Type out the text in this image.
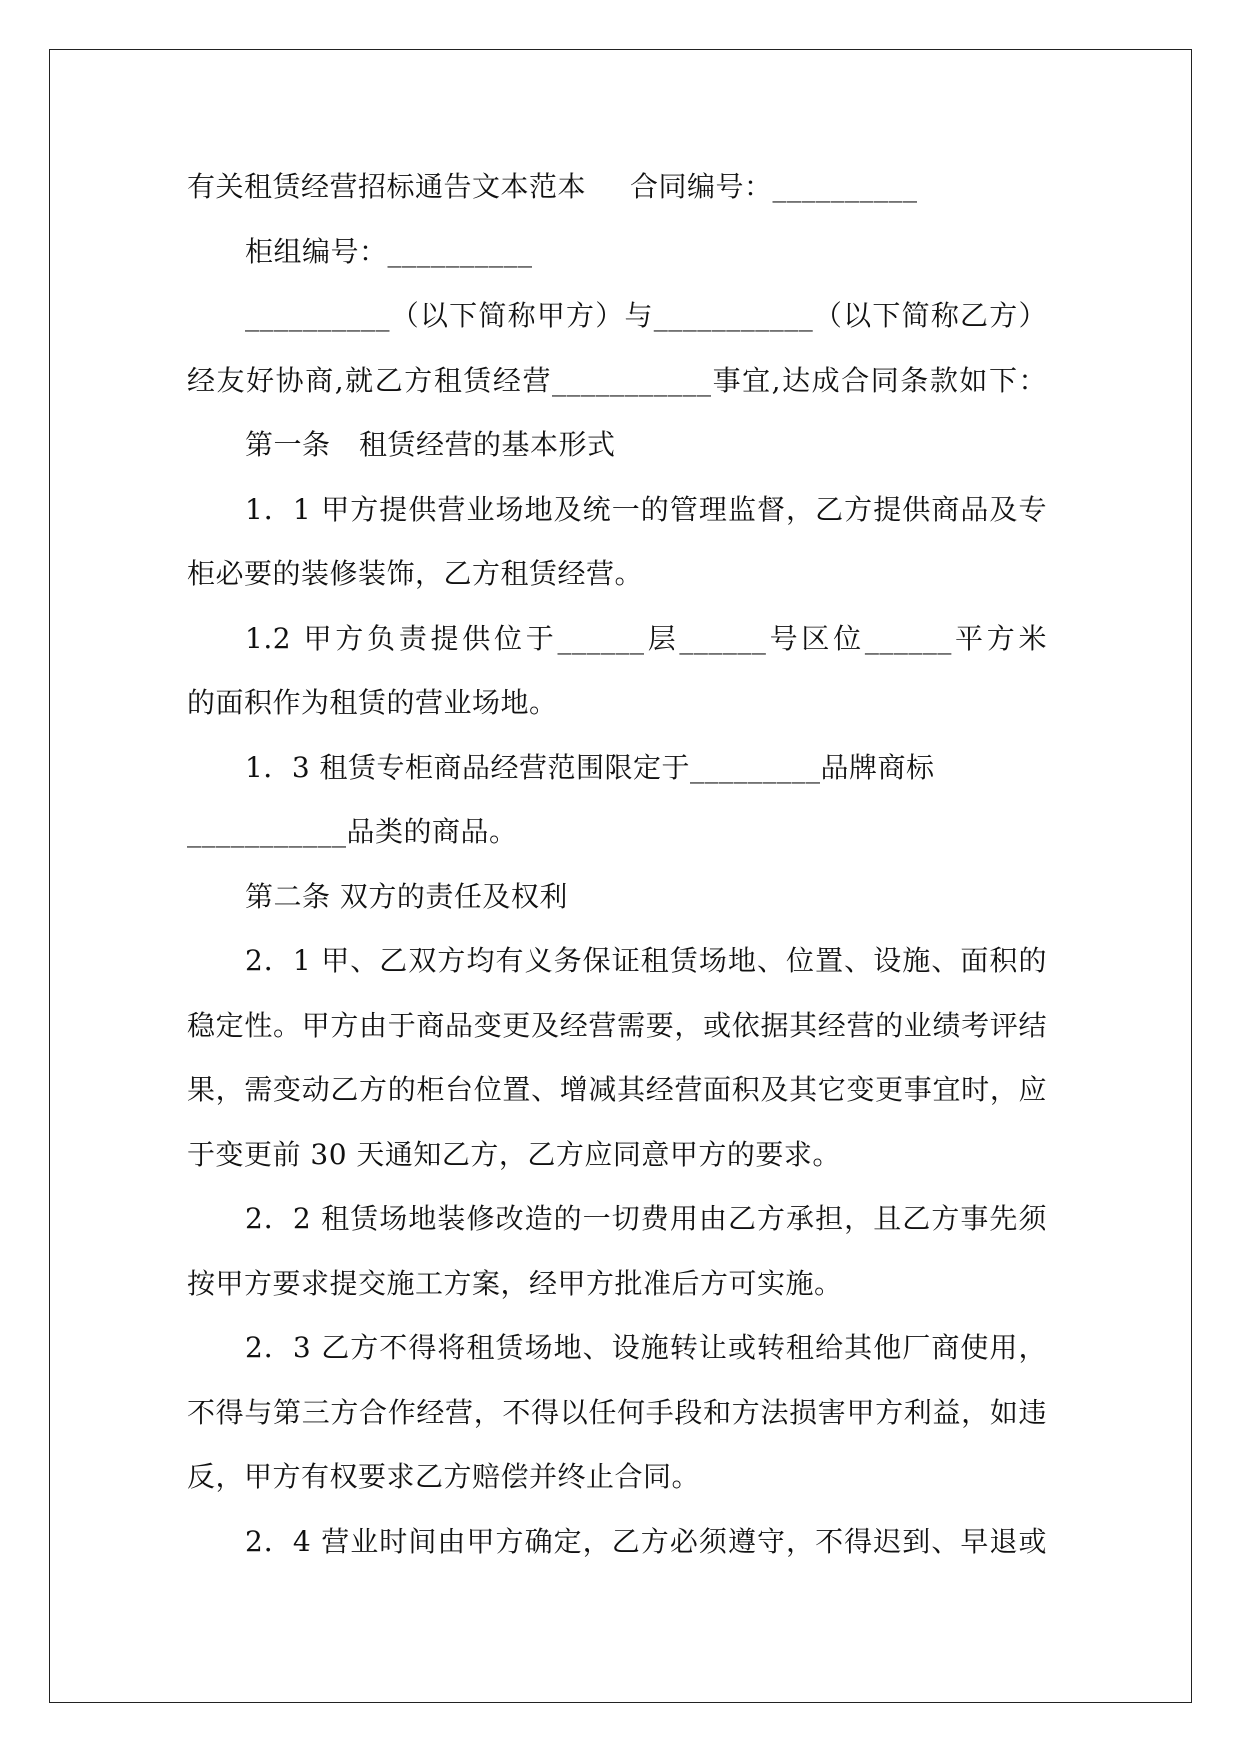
有关租赁经营招标通告文本范本 合同编号：__________
柜组编号：__________
__________（以下简称甲方）与___________（以下简称乙方）
经友好协商,就乙方租赁经营___________事宜,达成合同条款如下：
第一条　租赁经营的基本形式
1．1 甲方提供营业场地及统一的管理监督，乙方提供商品及专
柜必要的装修装饰，乙方租赁经营。
1.2 甲方负责提供位于______层______号区位______平方米
的面积作为租赁的营业场地。
1．3 租赁专柜商品经营范围限定于_________品牌商标
___________品类的商品。
第二条 双方的责任及权利
2．1 甲、乙双方均有义务保证租赁场地、位置、设施、面积的
稳定性。甲方由于商品变更及经营需要，或依据其经营的业绩考评结
果，需变动乙方的柜台位置、增减其经营面积及其它变更事宜时，应
于变更前 30 天通知乙方，乙方应同意甲方的要求。
2．2 租赁场地装修改造的一切费用由乙方承担，且乙方事先须
按甲方要求提交施工方案，经甲方批准后方可实施。
2．3 乙方不得将租赁场地、设施转让或转租给其他厂商使用，
不得与第三方合作经营，不得以任何手段和方法损害甲方利益，如违
反，甲方有权要求乙方赔偿并终止合同。
2．4 营业时间由甲方确定，乙方必须遵守，不得迟到、早退或
